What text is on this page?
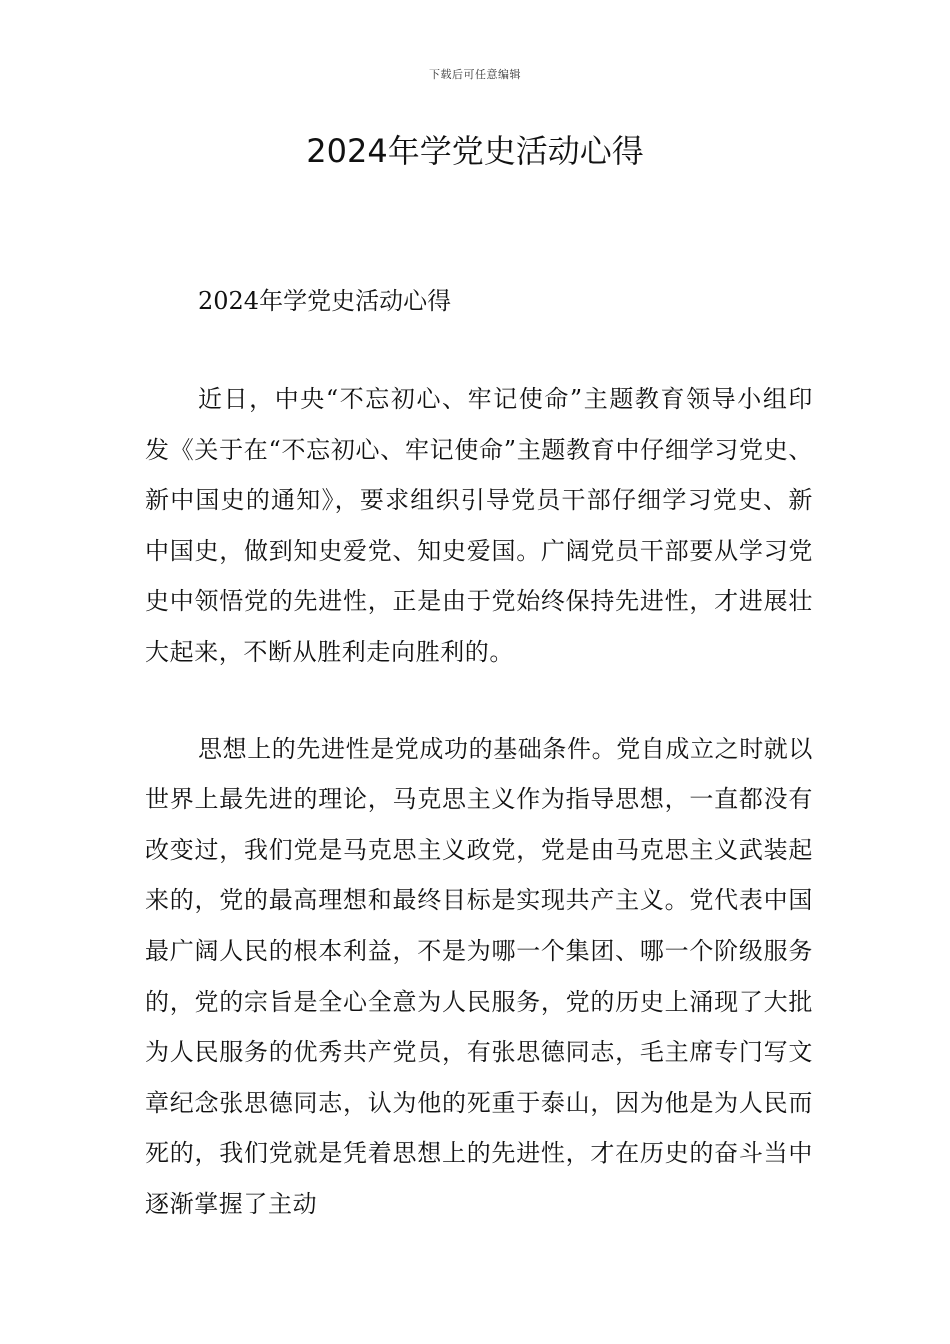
下载后可任意编辑
2024年学党史活动心得
2024年学党史活动心得

近日，中央“不忘初心、牢记使命”主题教育领导小组印发《关于在“不忘初心、牢记使命”主题教育中仔细学习党史、新中国史的通知》，要求组织引导党员干部仔细学习党史、新中国史，做到知史爱党、知史爱国。广阔党员干部要从学习党史中领悟党的先进性，正是由于党始终保持先进性，才进展壮大起来，不断从胜利走向胜利的。

思想上的先进性是党成功的基础条件。党自成立之时就以世界上最先进的理论，马克思主义作为指导思想，一直都没有改变过，我们党是马克思主义政党，党是由马克思主义武装起来的，党的最高理想和最终目标是实现共产主义。党代表中国最广阔人民的根本利益，不是为哪一个集团、哪一个阶级服务的，党的宗旨是全心全意为人民服务，党的历史上涌现了大批为人民服务的优秀共产党员，有张思德同志，毛主席专门写文章纪念张思德同志，认为他的死重于泰山，因为他是为人民而死的，我们党就是凭着思想上的先进性，才在历史的奋斗当中逐渐掌握了主动
